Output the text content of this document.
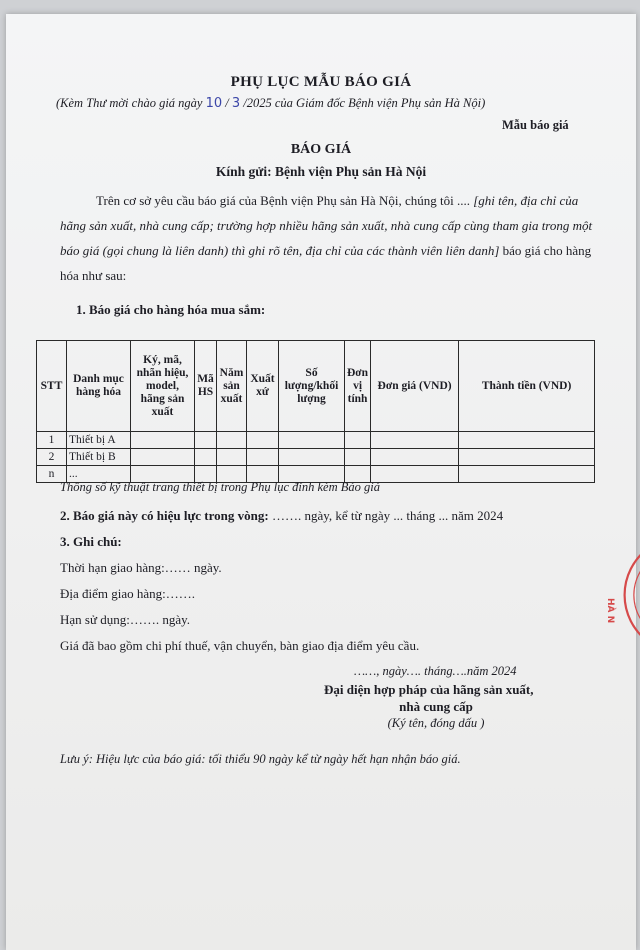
PHỤ LỤC MẪU BÁO GIÁ
(Kèm Thư mời chào giá ngày 10 / 3 /2025 của Giám đốc Bệnh viện Phụ sản Hà Nội)
Mẫu báo giá
BÁO GIÁ
Kính gửi: Bệnh viện Phụ sản Hà Nội
Trên cơ sở yêu cầu báo giá của Bệnh viện Phụ sản Hà Nội, chúng tôi .... [ghi tên, địa chỉ của hãng sản xuất, nhà cung cấp; trường hợp nhiều hãng sản xuất, nhà cung cấp cùng tham gia trong một báo giá (gọi chung là liên danh) thì ghi rõ tên, địa chỉ của các thành viên liên danh] báo giá cho hàng hóa như sau:
1. Báo giá cho hàng hóa mua sắm:
STT	Danh mục hàng hóa	Ký, mã, nhãn hiệu, model, hãng sản xuất	Mã HS	Năm sản xuất	Xuất xứ	Số lượng/khối lượng	Đơn vị tính	Đơn giá (VND)	Thành tiền (VND)
1	Thiết bị A								
2	Thiết bị B								
n	...								
Thông số kỹ thuật trang thiết bị trong Phụ lục đính kèm Báo giá
2. Báo giá này có hiệu lực trong vòng: ……. ngày, kể từ ngày ... tháng ... năm 2024
3. Ghi chú:
Thời hạn giao hàng:…… ngày.
Địa điểm giao hàng:…….
Hạn sử dụng:……. ngày.
Giá đã bao gồm chi phí thuế, vận chuyển, bàn giao địa điểm yêu cầu.
……, ngày…. tháng….năm 2024
Đại diện hợp pháp của hãng sản xuất,
nhà cung cấp
(Ký tên, đóng dấu )
Lưu ý: Hiệu lực của báo giá: tối thiểu 90 ngày kể từ ngày hết hạn nhận báo giá.
HÀ N
